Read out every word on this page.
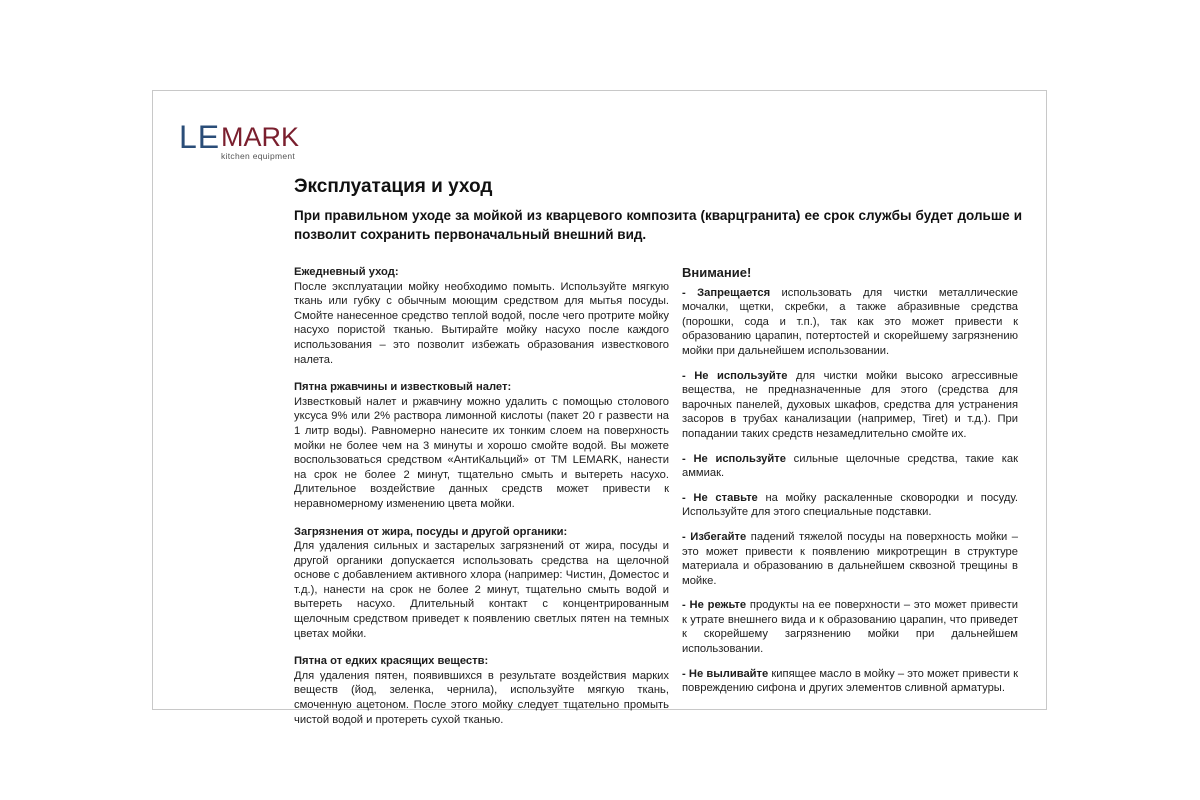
LE MARK
kitchen equipment
Эксплуатация и уход

При правильном уходе за мойкой из кварцевого композита (кварцгранита) ее срок службы будет дольше и позволит сохранить первоначальный внешний вид.

Ежедневный уход:

После эксплуатации мойку необходимо помыть. Используйте мягкую ткань или губку с обычным моющим средством для мытья посуды. Смойте нанесенное средство теплой водой, после чего протрите мойку насухо пористой тканью. Вытирайте мойку насухо после каждого использования – это позволит избежать образования известкового налета.

Пятна ржавчины и известковый налет:

Известковый налет и ржавчину можно удалить с помощью столового уксуса 9% или 2% раствора лимонной кислоты (пакет 20 г развести на 1 литр воды). Равномерно нанесите их тонким слоем на поверхность мойки не более чем на 3 минуты и хорошо смойте водой. Вы можете воспользоваться средством «АнтиКальций» от ТМ LEMARK, нанести на срок не более 2 минут, тщательно смыть и вытереть насухо. Длительное воздействие данных средств может привести к неравномерному изменению цвета мойки.

Загрязнения от жира, посуды и другой органики:

Для удаления сильных и застарелых загрязнений от жира, посуды и другой органики допускается использовать средства на щелочной основе с добавлением активного хлора (например: Чистин, Доместос и т.д.), нанести на срок не более 2 минут, тщательно смыть водой и вытереть насухо. Длительный контакт с концентрированным щелочным средством приведет к появлению светлых пятен на темных цветах мойки.

Пятна от едких красящих веществ:

Для удаления пятен, появившихся в результате воздействия марких веществ (йод, зеленка, чернила), используйте мягкую ткань, смоченную ацетоном. После этого мойку следует тщательно промыть чистой водой и протереть сухой тканью.

Внимание!

- Запрещается использовать для чистки металлические мочалки, щетки, скребки, а также абразивные средства (порошки, сода и т.п.), так как это может привести к образованию царапин, потертостей и скорейшему загрязнению мойки при дальнейшем использовании.

- Не используйте для чистки мойки высоко агрессивные вещества, не предназначенные для этого (средства для варочных панелей, духовых шкафов, средства для устранения засоров в трубах канализации (например, Tiret) и т.д.). При попадании таких средств незамедлительно смойте их.

- Не используйте сильные щелочные средства, такие как аммиак.

- Не ставьте на мойку раскаленные сковородки и посуду. Используйте для этого специальные подставки.

- Избегайте падений тяжелой посуды на поверхность мойки – это может привести к появлению микротрещин в структуре материала и образованию в дальнейшем сквозной трещины в мойке.

- Не режьте продукты на ее поверхности – это может привести к утрате внешнего вида и к образованию царапин, что приведет к скорейшему загрязнению мойки при дальнейшем использовании.

- Не выливайте кипящее масло в мойку – это может привести к повреждению сифона и других элементов сливной арматуры.
